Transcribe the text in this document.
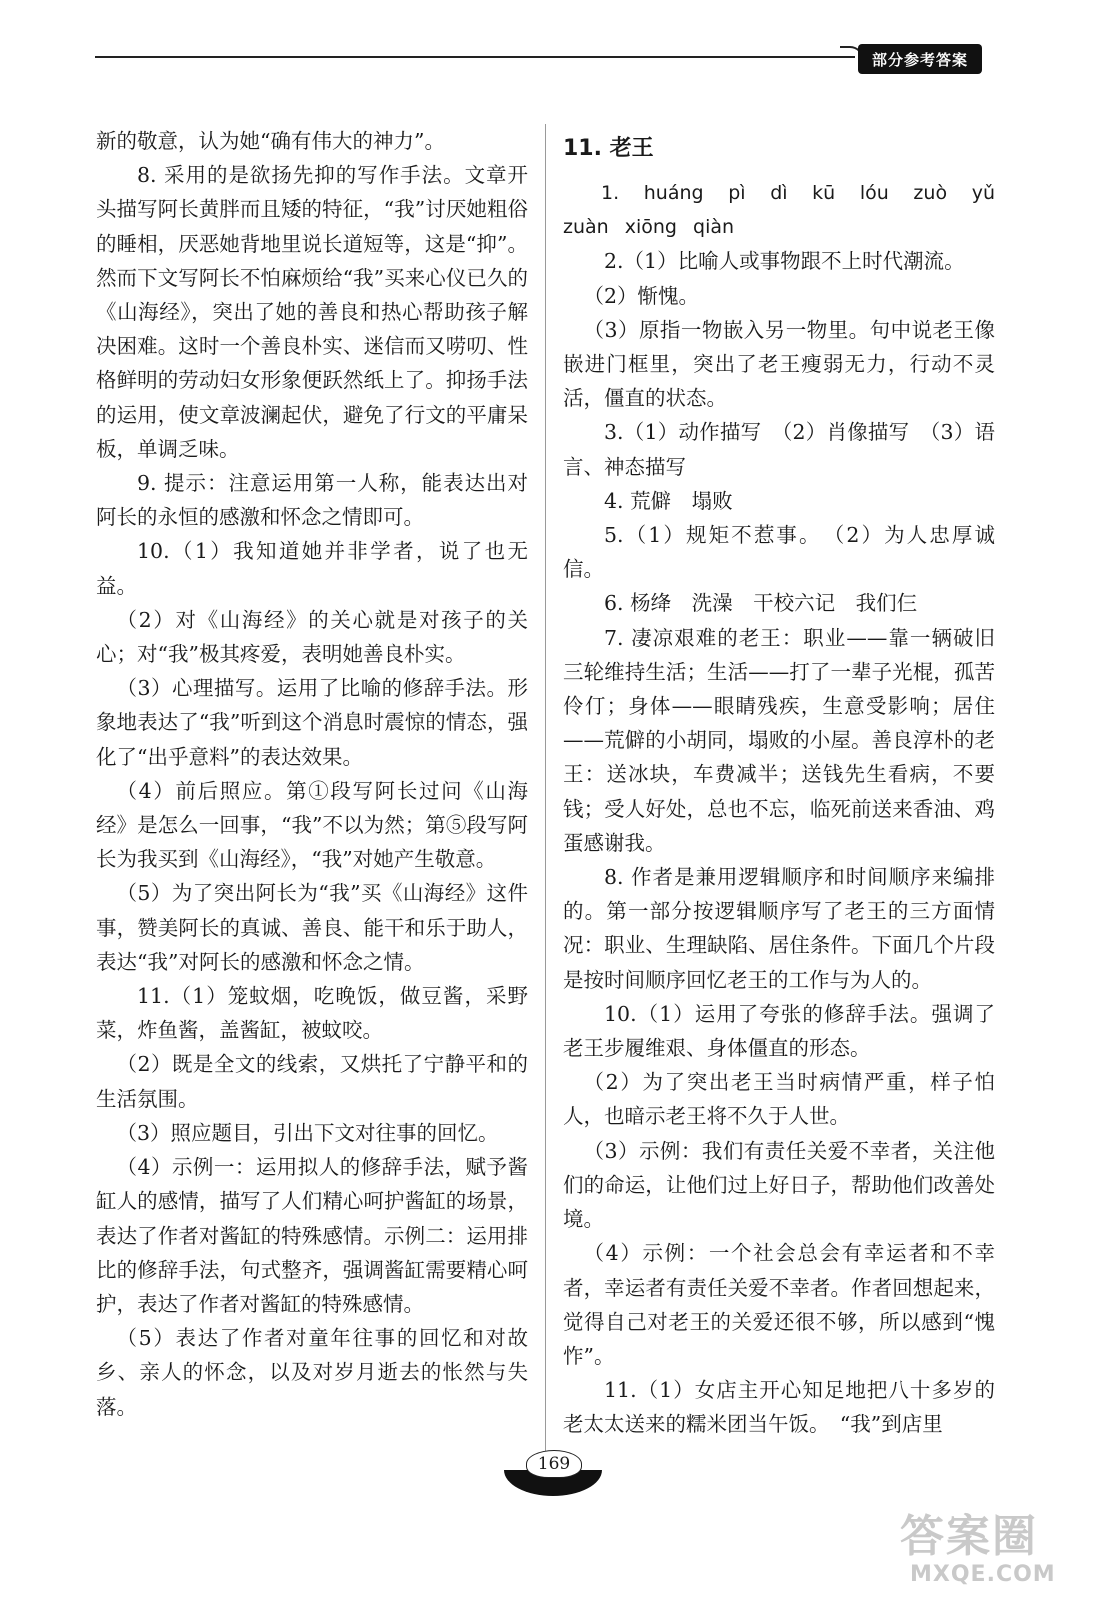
部分参考答案

新的敬意，认为她“确有伟大的神力”。

8. 采用的是欲扬先抑的写作手法。文章开头描写阿长黄胖而且矮的特征，“我”讨厌她粗俗的睡相，厌恶她背地里说长道短等，这是“抑”。然而下文写阿长不怕麻烦给“我”买来心仪已久的《山海经》，突出了她的善良和热心帮助孩子解决困难。这时一个善良朴实、迷信而又唠叨、性格鲜明的劳动妇女形象便跃然纸上了。抑扬手法的运用，使文章波澜起伏，避免了行文的平庸呆板，单调乏味。

9. 提示：注意运用第一人称，能表达出对阿长的永恒的感激和怀念之情即可。

10.（1）我知道她并非学者，说了也无益。

（2）对《山海经》的关心就是对孩子的关心；对“我”极其疼爱，表明她善良朴实。

（3）心理描写。运用了比喻的修辞手法。形象地表达了“我”听到这个消息时震惊的情态，强化了“出乎意料”的表达效果。

（4）前后照应。第①段写阿长过问《山海经》是怎么一回事，“我”不以为然；第⑤段写阿长为我买到《山海经》，“我”对她产生敬意。

（5）为了突出阿长为“我”买《山海经》这件事，赞美阿长的真诚、善良、能干和乐于助人，表达“我”对阿长的感激和怀念之情。

11.（1）笼蚊烟，吃晚饭，做豆酱，采野菜，炸鱼酱，盖酱缸，被蚊咬。

（2）既是全文的线索，又烘托了宁静平和的生活氛围。

（3）照应题目，引出下文对往事的回忆。

（4）示例一：运用拟人的修辞手法，赋予酱缸人的感情，描写了人们精心呵护酱缸的场景，表达了作者对酱缸的特殊感情。示例二：运用排比的修辞手法，句式整齐，强调酱缸需要精心呵护，表达了作者对酱缸的特殊感情。

（5）表达了作者对童年往事的回忆和对故乡、亲人的怀念，以及对岁月逝去的怅然与失落。

11. 老王

1. huáng pì dì kū lóu zuò yǔ zuàn xiōng qiàn

2.（1）比喻人或事物跟不上时代潮流。

（2）惭愧。

（3）原指一物嵌入另一物里。句中说老王像嵌进门框里，突出了老王瘦弱无力，行动不灵活，僵直的状态。

3.（1）动作描写　（2）肖像描写　（3）语言、神态描写

4. 荒僻　塌败

5.（1）规矩不惹事。　（2）为人忠厚诚信。

6. 杨绛　洗澡　干校六记　我们仨

7. 凄凉艰难的老王：职业——靠一辆破旧三轮维持生活；生活——打了一辈子光棍，孤苦伶仃；身体——眼睛残疾，生意受影响；居住——荒僻的小胡同，塌败的小屋。善良淳朴的老王：送冰块，车费减半；送钱先生看病，不要钱；受人好处，总也不忘，临死前送来香油、鸡蛋感谢我。

8. 作者是兼用逻辑顺序和时间顺序来编排的。第一部分按逻辑顺序写了老王的三方面情况：职业、生理缺陷、居住条件。下面几个片段是按时间顺序回忆老王的工作与为人的。

10.（1）运用了夸张的修辞手法。强调了老王步履维艰、身体僵直的形态。

（2）为了突出老王当时病情严重，样子怕人，也暗示老王将不久于人世。

（3）示例：我们有责任关爱不幸者，关注他们的命运，让他们过上好日子，帮助他们改善处境。

（4）示例：一个社会总会有幸运者和不幸者，幸运者有责任关爱不幸者。作者回想起来，觉得自己对老王的关爱还很不够，所以感到“愧怍”。

11.（1）女店主开心知足地把八十多岁的老太太送来的糯米团当午饭。　“我”到店里

169
答案圈
MXQE.COM
